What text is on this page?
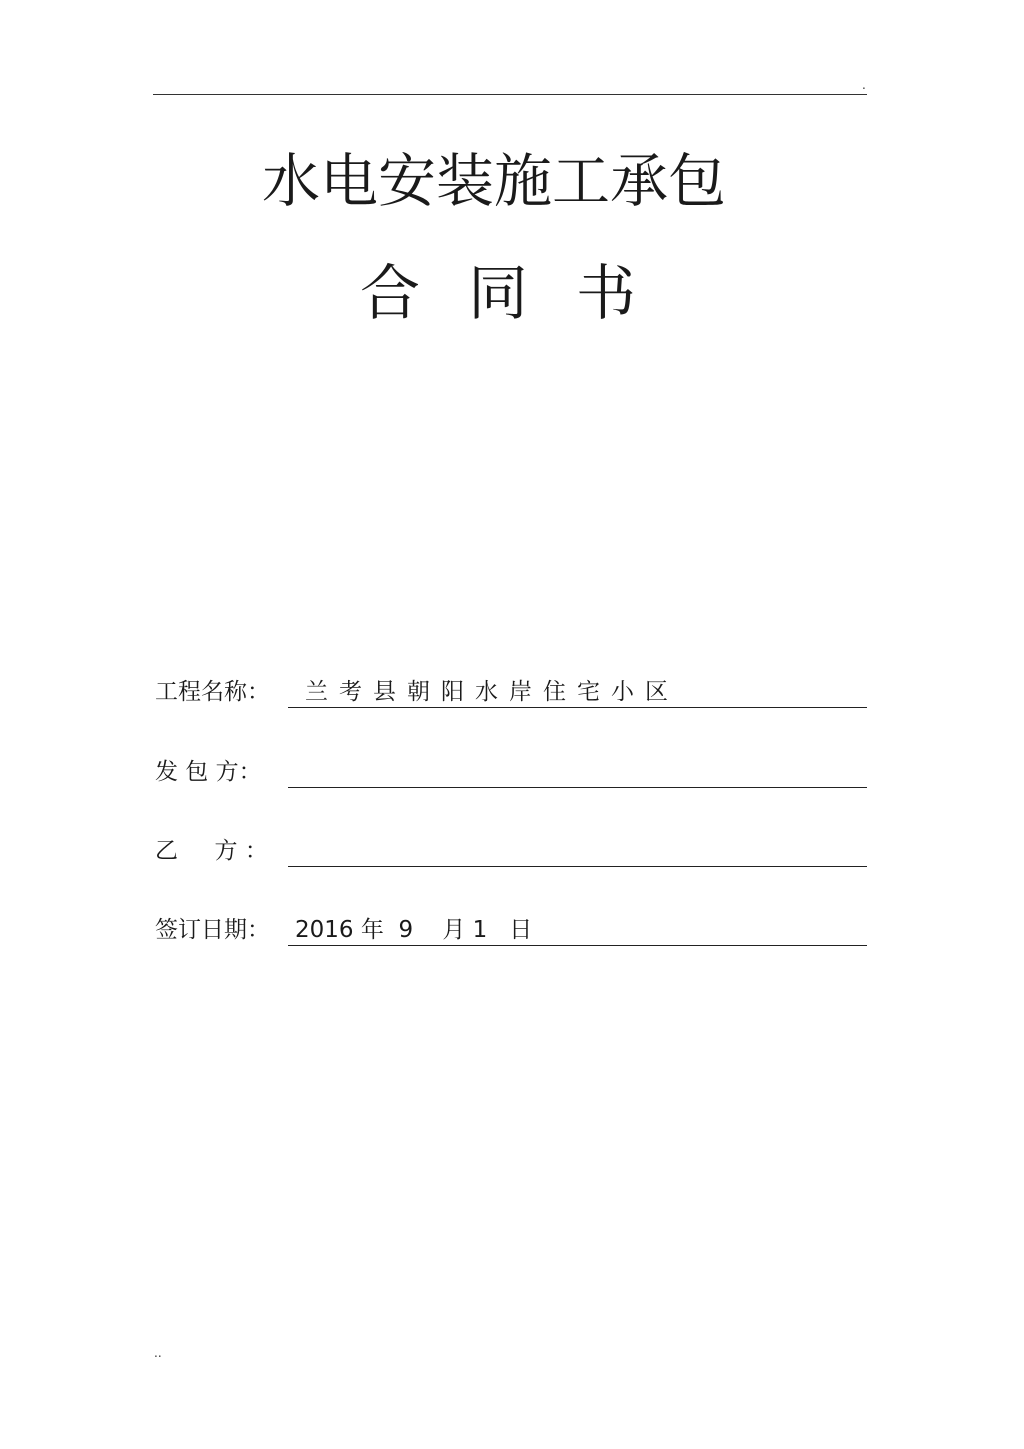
.
水电安装施工承包
合同书
工程名称： 兰考县朝阳水岸住宅小区
发 包 方：
乙     方 ：
签订日期： 2016 年  9    月 1   日
..
